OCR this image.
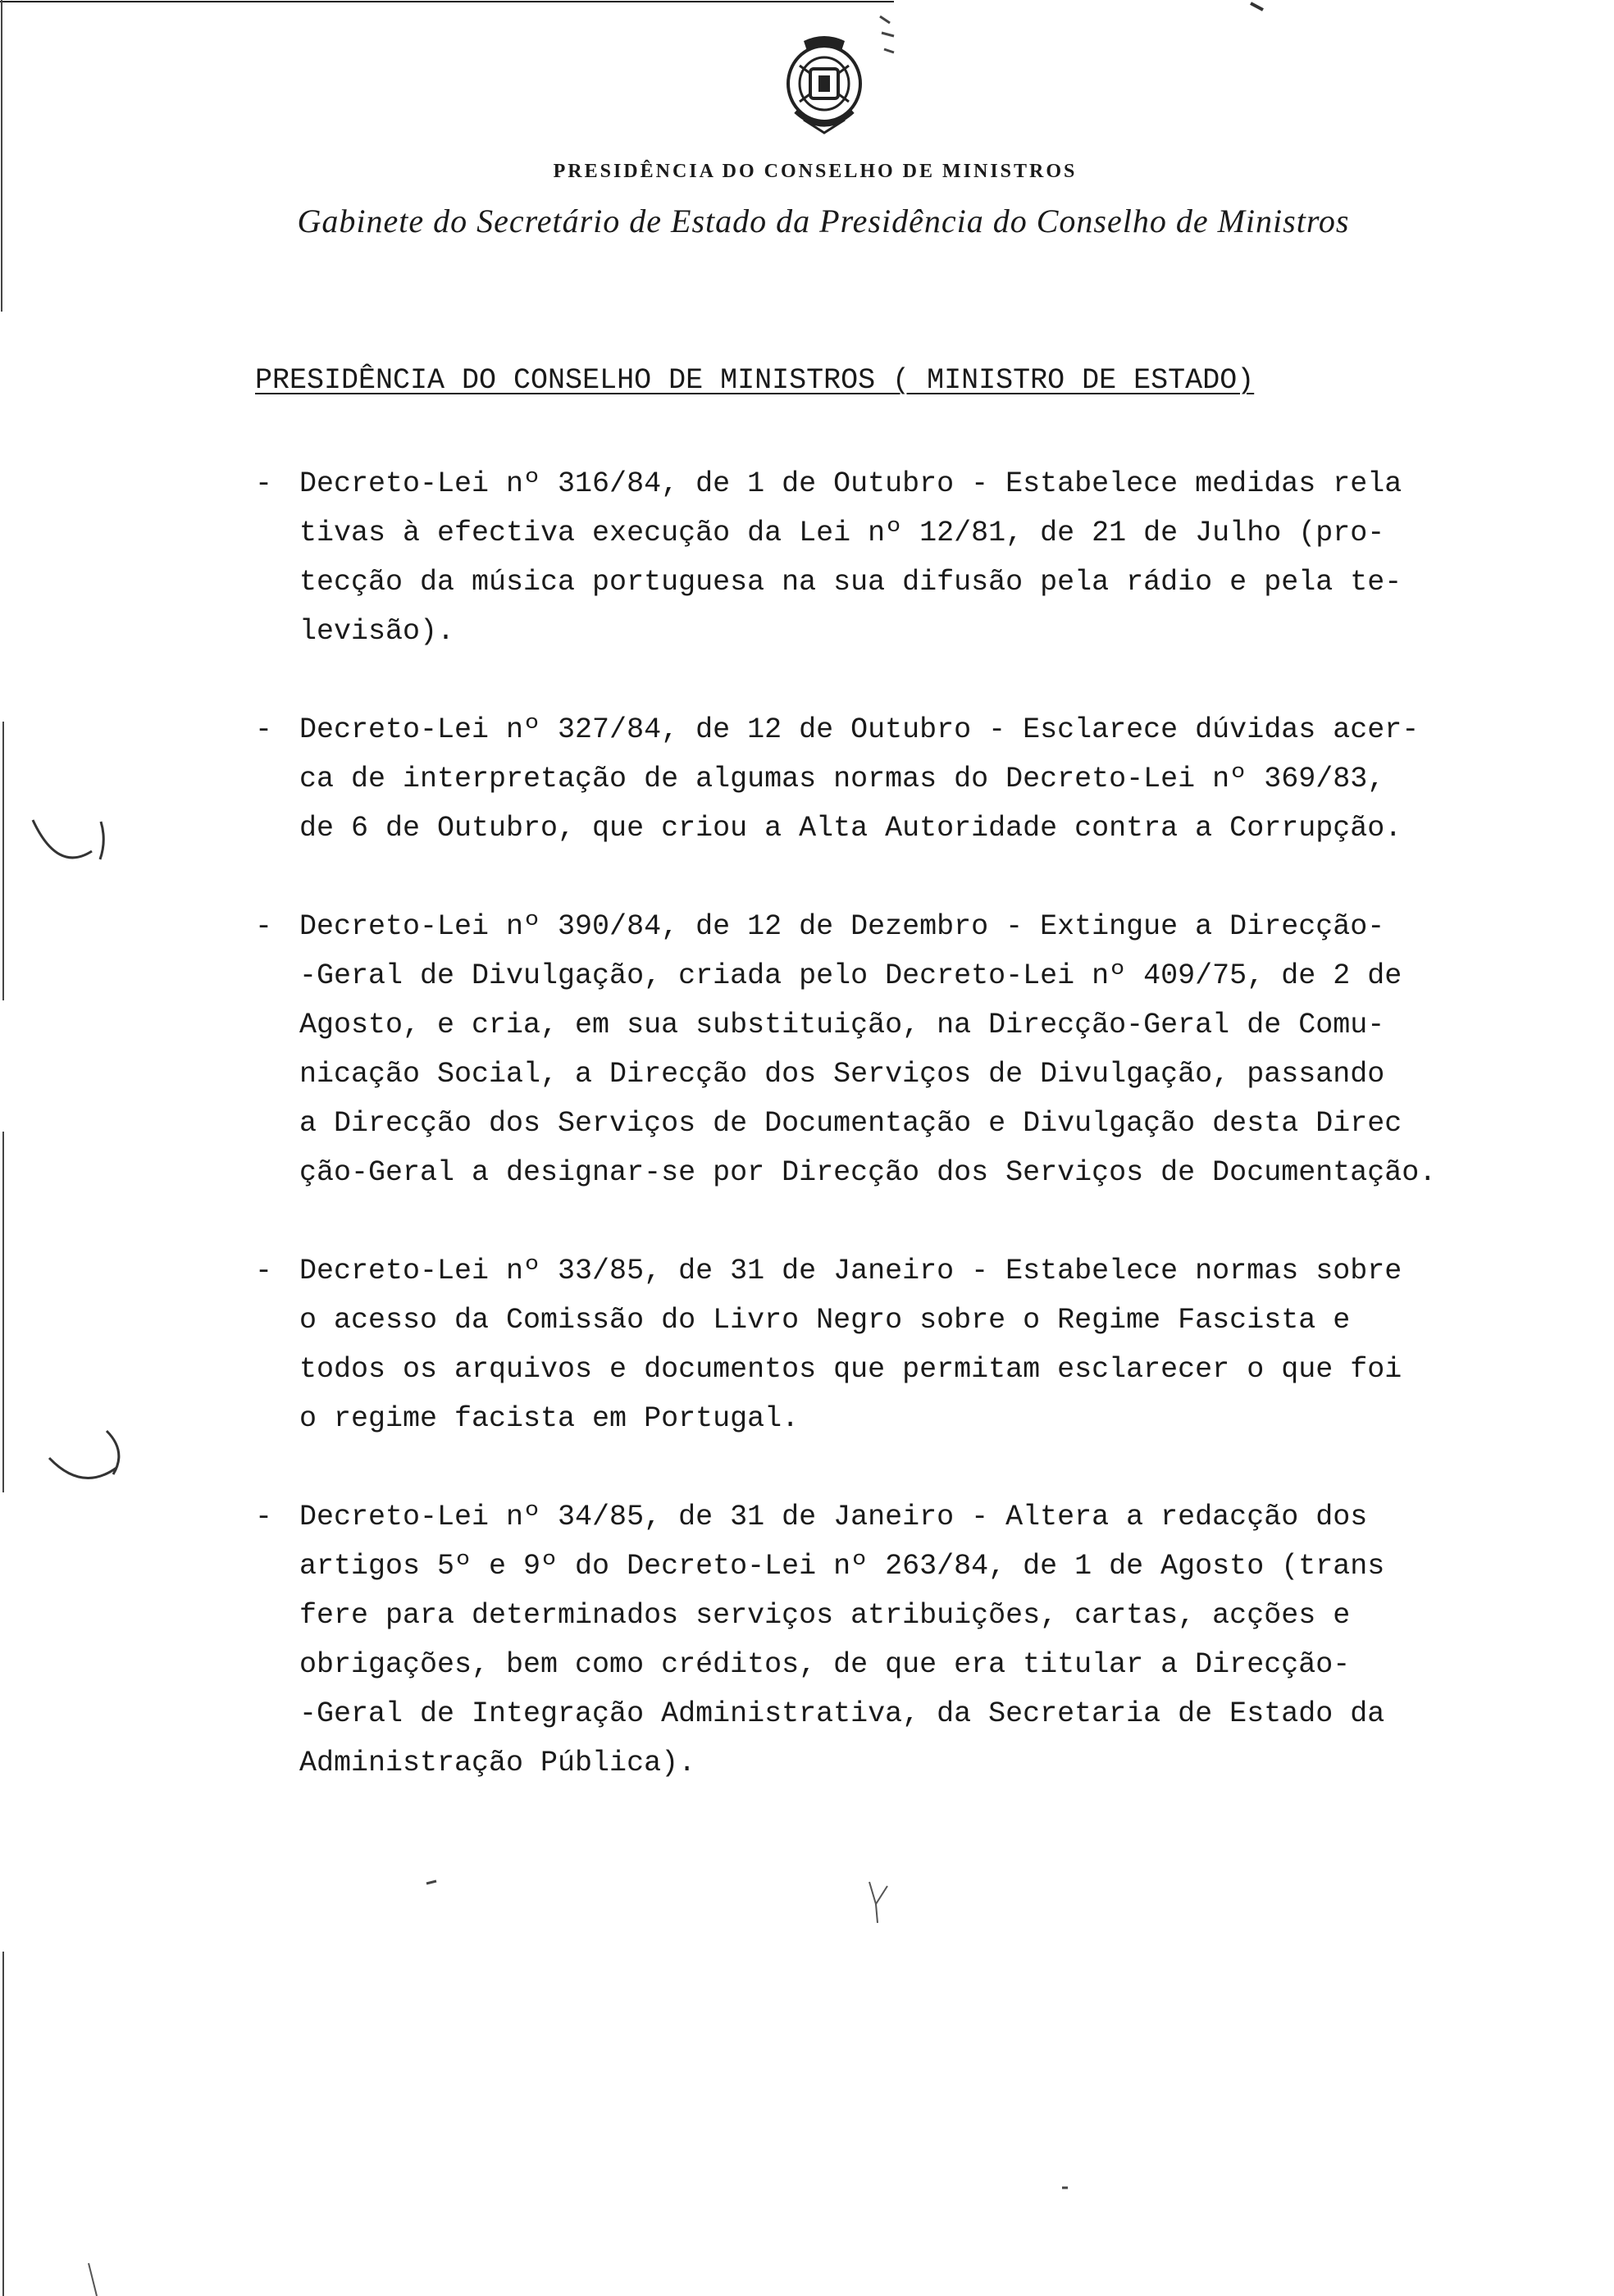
PRESIDÊNCIA DO CONSELHO DE MINISTROS
Gabinete do Secretário de Estado da Presidência do Conselho de Ministros
PRESIDÊNCIA DO CONSELHO DE MINISTROS ( MINISTRO DE ESTADO)
- Decreto-Lei nº 316/84, de 1 de Outubro - Estabelece medidas rela
tivas à efectiva execução da Lei nº 12/81, de 21 de Julho (pro-
tecção da música portuguesa na sua difusão pela rádio e pela te-
levisão).
- Decreto-Lei nº 327/84, de 12 de Outubro - Esclarece dúvidas acer-
ca de interpretação de algumas normas do Decreto-Lei nº 369/83,
de 6 de Outubro, que criou a Alta Autoridade contra a Corrupção.
- Decreto-Lei nº 390/84, de 12 de Dezembro - Extingue a Direcção-
-Geral de Divulgação, criada pelo Decreto-Lei nº 409/75, de 2 de
Agosto, e cria, em sua substituição, na Direcção-Geral de Comu-
nicação Social, a Direcção dos Serviços de Divulgação, passando
a Direcção dos Serviços de Documentação e Divulgação desta Direc
ção-Geral a designar-se por Direcção dos Serviços de Documentação.
- Decreto-Lei nº 33/85, de 31 de Janeiro - Estabelece normas sobre
o acesso da Comissão do Livro Negro sobre o Regime Fascista e
todos os arquivos e documentos que permitam esclarecer o que foi
o regime facista em Portugal.
- Decreto-Lei nº 34/85, de 31 de Janeiro - Altera a redacção dos
artigos 5º e 9º do Decreto-Lei nº 263/84, de 1 de Agosto (trans
fere para determinados serviços atribuições, cartas, acções e
obrigações, bem como créditos, de que era titular a Direcção-
-Geral de Integração Administrativa, da Secretaria de Estado da
Administração Pública).
